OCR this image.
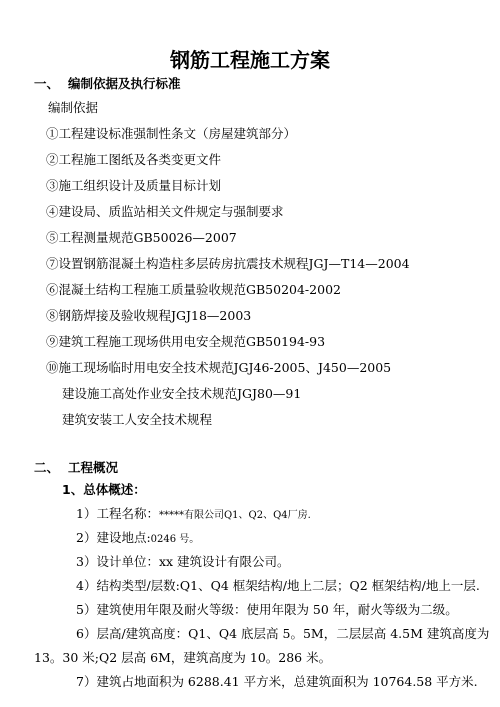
钢筋工程施工方案
一、 编制依据及执行标准
编制依据
①工程建设标准强制性条文（房屋建筑部分）
②工程施工图纸及各类变更文件
③施工组织设计及质量目标计划
④建设局、质监站相关文件规定与强制要求
⑤工程测量规范GB50026—2007
⑦设置钢筋混凝土构造柱多层砖房抗震技术规程JGJ—T14—2004
⑥混凝土结构工程施工质量验收规范GB50204-2002
⑧钢筋焊接及验收规程JGJ18—2003
⑨建筑工程施工现场供用电安全规范GB50194-93
⑩施工现场临时用电安全技术规范JGJ46-2005、J450—2005
建设施工高处作业安全技术规范JGJ80—91
建筑安装工人安全技术规程
二、 工程概况
1、总体概述：
1）工程名称：*****有限公司Q1、Q2、Q4厂房.
2）建设地点:0246 号。
3）设计单位：xx 建筑设计有限公司。
4）结构类型/层数:Q1、Q4 框架结构/地上二层；Q2 框架结构/地上一层.
5）建筑使用年限及耐火等级：使用年限为 50 年，耐火等级为二级。
6）层高/建筑高度：Q1、Q4 底层高 5。5M，二层层高 4.5M 建筑高度为
13。30 米;Q2 层高 6M，建筑高度为 10。286 米。
7）建筑占地面积为 6288.41 平方米，总建筑面积为 10764.58 平方米.
